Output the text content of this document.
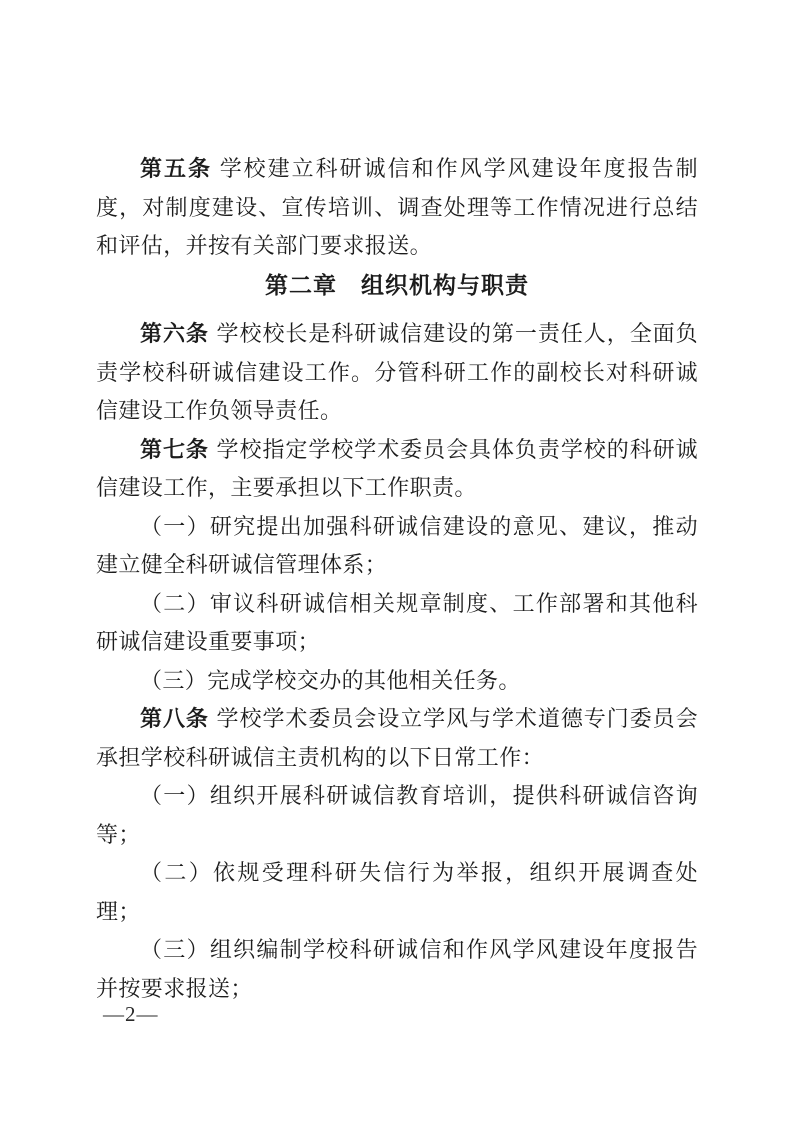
第五条 学校建立科研诚信和作风学风建设年度报告制度，对制度建设、宣传培训、调查处理等工作情况进行总结和评估，并按有关部门要求报送。

第二章　组织机构与职责

第六条 学校校长是科研诚信建设的第一责任人，全面负责学校科研诚信建设工作。分管科研工作的副校长对科研诚信建设工作负领导责任。

第七条 学校指定学校学术委员会具体负责学校的科研诚信建设工作，主要承担以下工作职责。

（一）研究提出加强科研诚信建设的意见、建议，推动建立健全科研诚信管理体系；

（二）审议科研诚信相关规章制度、工作部署和其他科研诚信建设重要事项；

（三）完成学校交办的其他相关任务。

第八条 学校学术委员会设立学风与学术道德专门委员会承担学校科研诚信主责机构的以下日常工作：

（一）组织开展科研诚信教育培训，提供科研诚信咨询等；

（二）依规受理科研失信行为举报，组织开展调查处理；

（三）组织编制学校科研诚信和作风学风建设年度报告并按要求报送；

—2—
